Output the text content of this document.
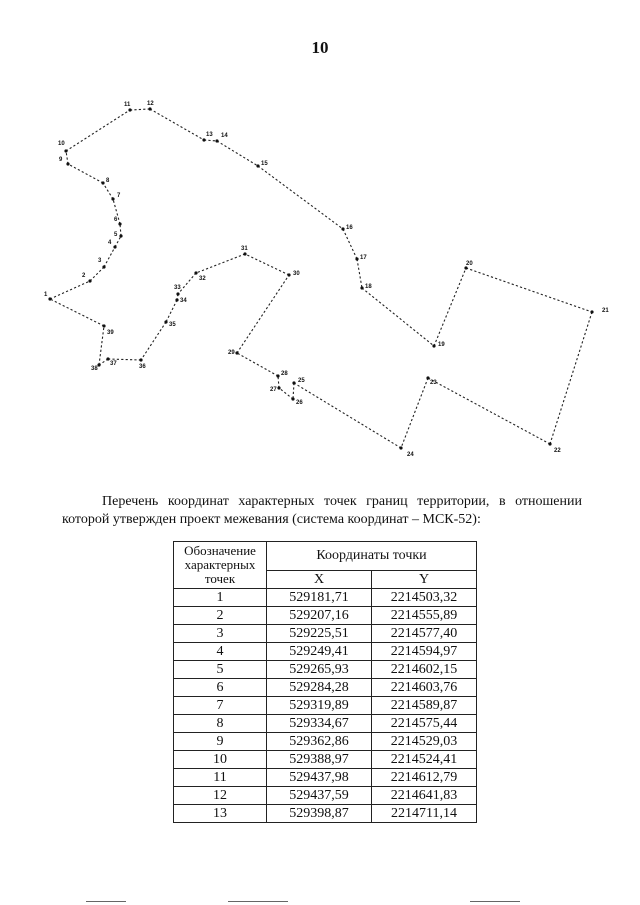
10
1
2
3
4
5
6
7
8
9
10
11	12
13 14
15
16
17
18
19
20
21
22
23
24
25
26
27
28
29
30
31
32
33
34
35
36
37
38
39
Перечень координат характерных точек границ территории, в отношении которой утвержден проект межевания (система координат – МСК-52):
Обозначение характерных точек	Координаты точки	
	X	Y
1	529181,71	2214503,32
2	529207,16	2214555,89
3	529225,51	2214577,40
4	529249,41	2214594,97
5	529265,93	2214602,15
6	529284,28	2214603,76
7	529319,89	2214589,87
8	529334,67	2214575,44
9	529362,86	2214529,03
10	529388,97	2214524,41
11	529437,98	2214612,79
12	529437,59	2214641,83
13	529398,87	2214711,14
